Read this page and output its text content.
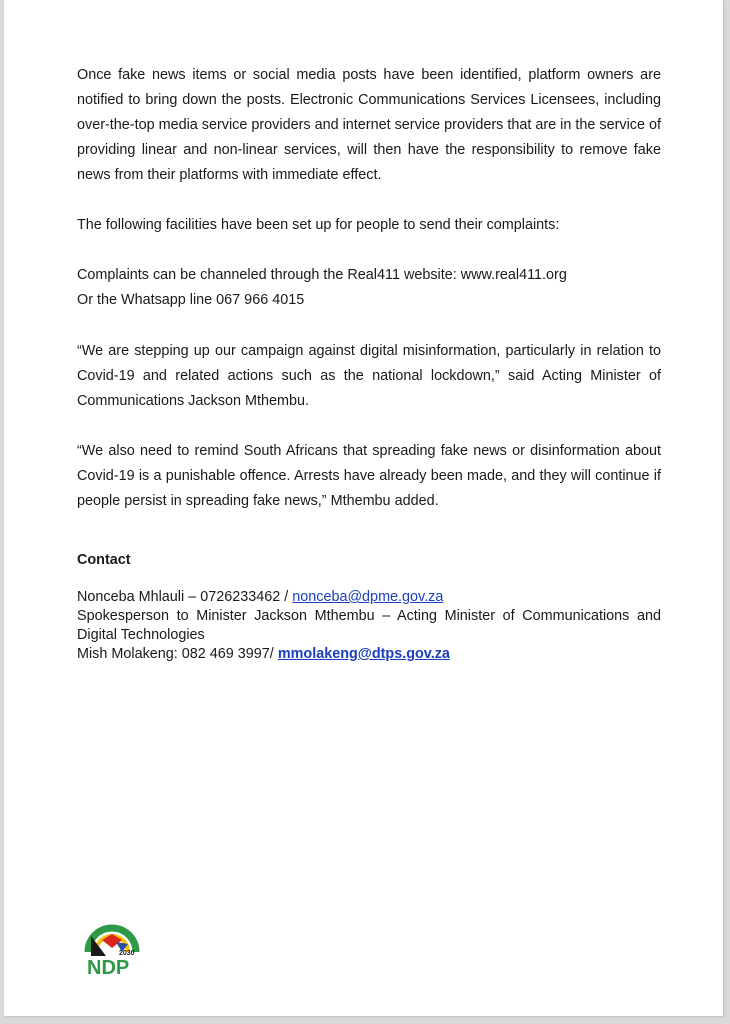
Once fake news items or social media posts have been identified, platform owners are notified to bring down the posts. Electronic Communications Services Licensees, including over-the-top media service providers and internet service providers that are in the service of providing linear and non-linear services, will then have the responsibility to remove fake news from their platforms with immediate effect.

The following facilities have been set up for people to send their complaints:

Complaints can be channeled through the Real411 website: www.real411.org

Or the Whatsapp line 067 966 4015

“We are stepping up our campaign against digital misinformation, particularly in relation to Covid-19 and related actions such as the national lockdown,” said Acting Minister of Communications Jackson Mthembu.

“We also need to remind South Africans that spreading fake news or disinformation about Covid-19 is a punishable offence. Arrests have already been made, and they will continue if people persist in spreading fake news,” Mthembu added.

Contact

Nonceba Mhlauli – 0726233462 / nonceba@dpme.gov.za
Spokesperson to Minister Jackson Mthembu – Acting Minister of Communications and
Digital Technologies
Mish Molakeng: 082 469 3997/ mmolakeng@dtps.gov.za
2030
NDP
